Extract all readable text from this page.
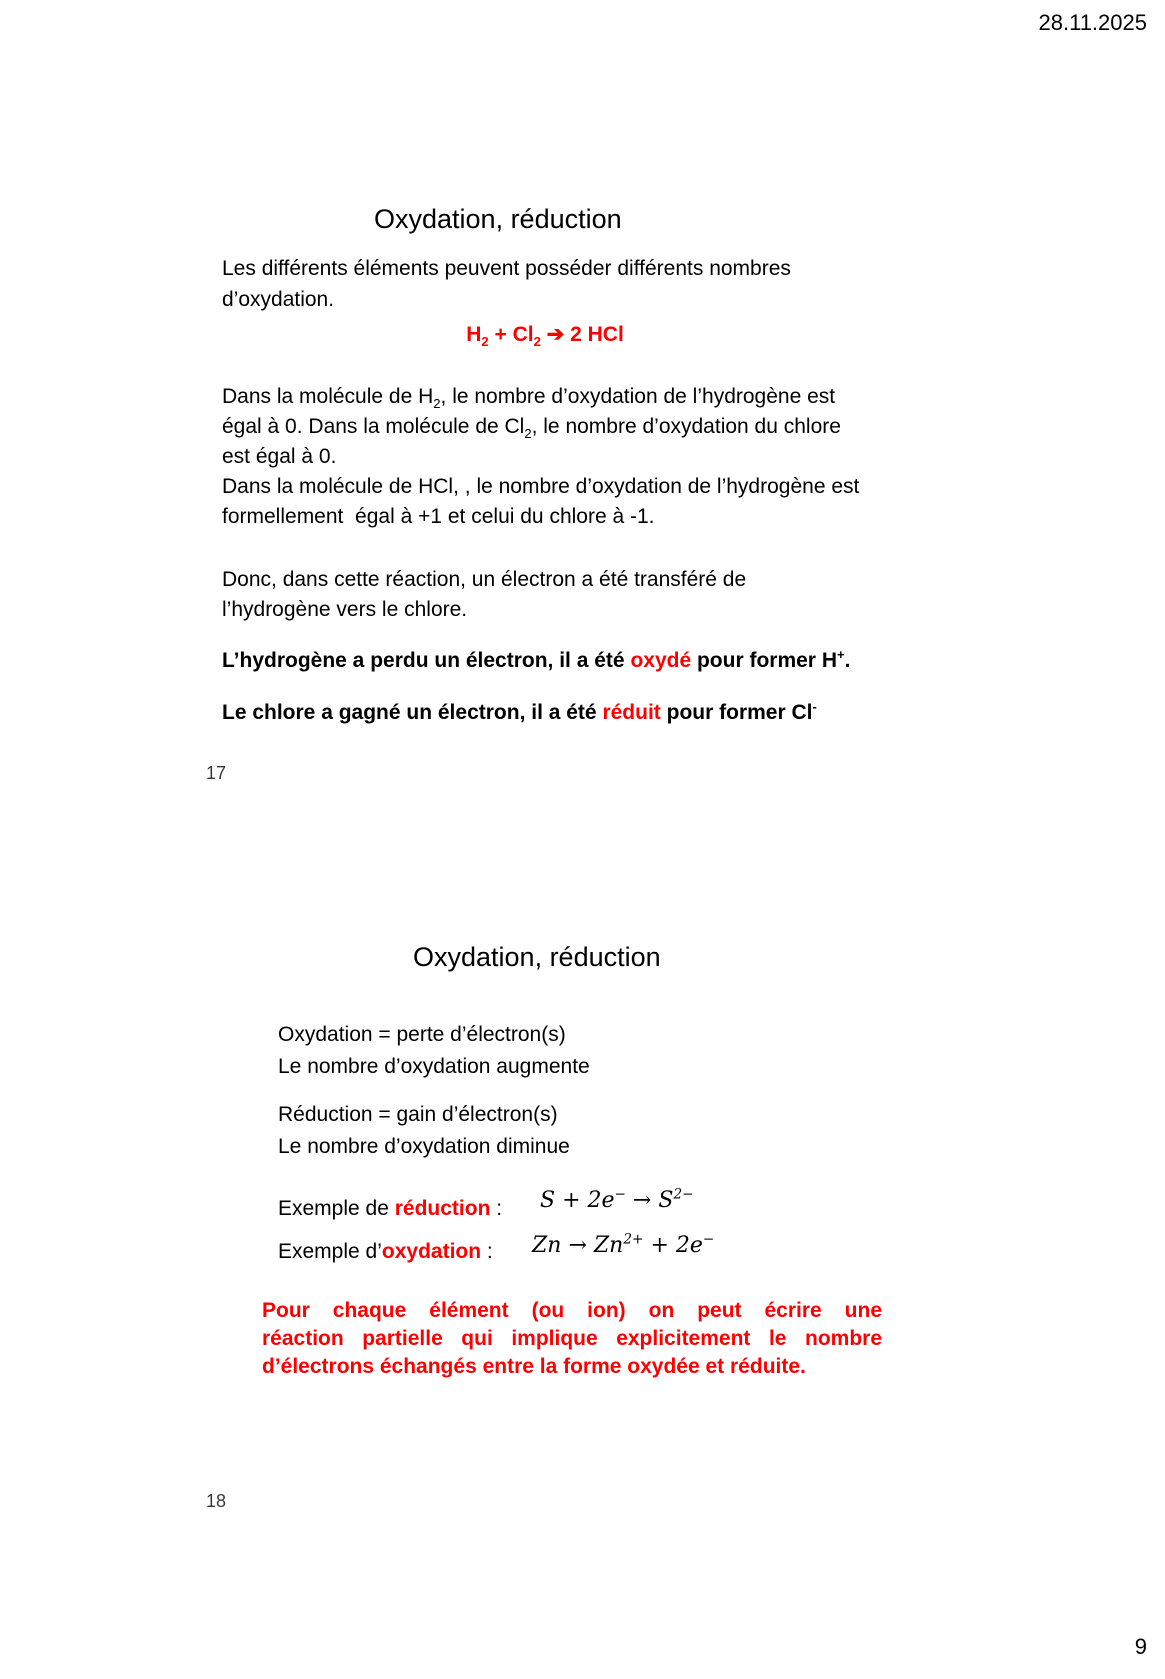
28.11.2025
Oxydation, réduction
Les différents éléments peuvent posséder différents nombres
d’oxydation.
$H_2 + Cl_2$ ➔ 2 HCl
Dans la molécule de $H_2$, le nombre d’oxydation de l’hydrogène est
égal à 0. Dans la molécule de $Cl_2$, le nombre d’oxydation du chlore
est égal à 0.
Dans la molécule de HCl, , le nombre d’oxydation de l’hydrogène est
formellement  égal à +1 et celui du chlore à -1.
Donc, dans cette réaction, un électron a été transféré de
l’hydrogène vers le chlore.
L’hydrogène a perdu un électron, il a été oxydé pour former H+.
Le chlore a gagné un électron, il a été réduit pour former Cl-
17
Oxydation, réduction
Oxydation = perte d’électron(s)
Le nombre d’oxydation augmente
Réduction = gain d’électron(s)
Le nombre d’oxydation diminue
Exemple de réduction : $S + 2e^- \to S^{2-}$
Exemple d’oxydation : $Zn \to Zn^{2+} + 2e^-$
Pour chaque élément (ou ion) on peut écrire une
réaction partielle qui implique explicitement le nombre
d’électrons échangés entre la forme oxydée et réduite.
18
9
